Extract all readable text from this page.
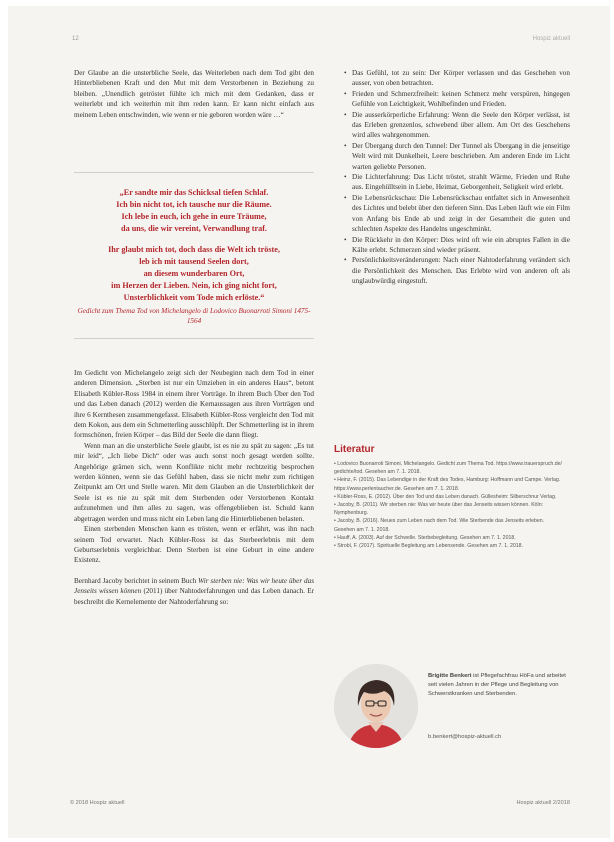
12	Hospiz aktuell

Der Glaube an die unsterbliche Seele, das Weiterleben nach dem Tod gibt den Hinterbliebenen Kraft und den Mut mit dem Verstorbenen in Beziehung zu bleiben. „Unendlich getröstet fühlte ich mich mit dem Gedanken, dass er weiterlebt und ich weiterhin mit ihm reden kann. Er kann nicht einfach aus meinem Leben entschwinden, wie wenn er nie geboren worden wäre …“

„Er sandte mir das Schicksal tiefen Schlaf.
Ich bin nicht tot, ich tausche nur die Räume.
Ich lebe in euch, ich gehe in eure Träume,
da uns, die wir vereint, Verwandlung traf.
Ihr glaubt mich tot, doch dass die Welt ich tröste,
leb ich mit tausend Seelen dort,
an diesem wunderbaren Ort,
im Herzen der Lieben. Nein, ich ging nicht fort,
Unsterblichkeit vom Tode mich erlöste.“
Gedicht zum Thema Tod von Michelangelo di Lodovico Buonarroti Simoni 1475-1564

Im Gedicht von Michelangelo zeigt sich der Neubeginn nach dem Tod in einer anderen Dimension. „Sterben ist nur ein Umziehen in ein anderes Haus“, betont Elisabeth Kübler-Ross 1984 in einem ihrer Vorträge. In ihrem Buch Über den Tod und das Leben danach (2012) werden die Kernaussagen aus ihren Vorträgen und ihre 6 Kernthesen zusammengefasst. Elisabeth Kübler-Ross vergleicht den Tod mit dem Kokon, aus dem ein Schmetterling ausschlüpft. Der Schmetterling ist in ihrem formschönen, freien Körper – das Bild der Seele die dann fliegt.

Wenn man an die unsterbliche Seele glaubt, ist es nie zu spät zu sagen: „Es tut mir leid“, „Ich liebe Dich“ oder was auch sonst noch gesagt werden sollte. Angehörige grämen sich, wenn Konflikte nicht mehr rechtzeitig besprochen werden können, wenn sie das Gefühl haben, dass sie nicht mehr zum richtigen Zeitpunkt am Ort und Stelle waren. Mit dem Glauben an die Unsterblichkeit der Seele ist es nie zu spät mit dem Sterbenden oder Verstorbenen Kontakt aufzunehmen und ihm alles zu sagen, was offengeblieben ist. Schuld kann abgetragen werden und muss nicht ein Leben lang die Hinterbliebenen belasten.

Einen sterbenden Menschen kann es trösten, wenn er erfährt, was ihn nach seinem Tod erwartet. Nach Kübler-Ross ist das Sterbeerlebnis mit dem Geburtserlebnis vergleichbar. Denn Sterben ist eine Geburt in eine andere Existenz.

Bernhard Jacoby berichtet in seinem Buch Wir sterben nie: Was wir heute über das Jenseits wissen können (2011) über Nahtoderfahrungen und das Leben danach. Er beschreibt die Kernelemente der Nahtoderfahrung so:

• Das Gefühl, tot zu sein: Der Körper verlassen und das Geschehen von ausser, von oben betrachten.
• Frieden und Schmerzfreiheit: keinen Schmerz mehr verspüren, hingegen Gefühle von Leichtigkeit, Wohlbefinden und Frieden.
• Die ausserkörperliche Erfahrung: Wenn die Seele den Körper verlässt, ist das Erleben grenzenlos, schwebend über allem. Am Ort des Geschehens wird alles wahrgenommen.
• Der Übergang durch den Tunnel: Der Tunnel als Übergang in die jenseitige Welt wird mit Dunkelheit, Leere beschrieben. Am anderen Ende im Licht warten geliebte Personen.
• Die Lichterfahrung: Das Licht tröstet, strahlt Wärme, Frieden und Ruhe aus. Eingehülltsein in Liebe, Heimat, Geborgenheit, Seligkeit wird erlebt.
• Die Lebensrückschau: Die Lebensrückschau entfaltet sich in Anwesenheit des Lichtes und belebt über den tieferen Sinn. Das Leben läuft wie ein Film von Anfang bis Ende ab und zeigt in der Gesamtheit die guten und schlechten Aspekte des Handelns ungeschminkt.
• Die Rückkehr in den Körper: Dies wird oft wie ein abruptes Fallen in die Kälte erlebt. Schmerzen sind wieder präsent.
• Persönlichkeitsveränderungen: Nach einer Nahtoderfahrung verändert sich die Persönlichkeit des Menschen. Das Erlebte wird von anderen oft als unglaubwürdig eingestuft.
Literatur

• Lodovico Buonarroti Simoni, Michelangelo. Gedicht zum Thema Tod. https://www.trauerspruch.de/ gedichte/tod. Gesehen am 7. 1. 2018.

• Heinz, F. (2015). Das Lebendige in der Kraft des Todes, Hamburg: Hoffmann und Campe. Verlag. https://www.perlentaucher.de. Gesehen am 7. 1. 2018.

• Kübler-Ross, E. (2012). Über den Tod und das Leben danach. Güllesheim: Silberschnur Verlag.

• Jacoby, B. (2011). Wir sterben nie: Was wir heute über das Jenseits wissen können. Köln: Nymphenburg.

• Jacoby, B. (2016). Neues zum Leben nach dem Tod. Wie Sterbende das Jenseits erleben. Gesehen am 7. 1. 2018.

• Hauff, A. (2003). Auf der Schwelle. Sterbebegleitung. Gesehen am 7. 1. 2018.

• Strobl, F. (2017). Spirituelle Begleitung am Lebensende. Gesehen am 7. 1. 2018.

Brigitte Benkert ist Pflegefachfrau HöFa und arbeitet seit vielen Jahren in der Pflege und Begleitung von Schwerstkranken und Sterbenden.
b.benkert@hospiz-aktuell.ch
© 2018 Hospiz aktuell	Hospiz aktuell 2/2018
